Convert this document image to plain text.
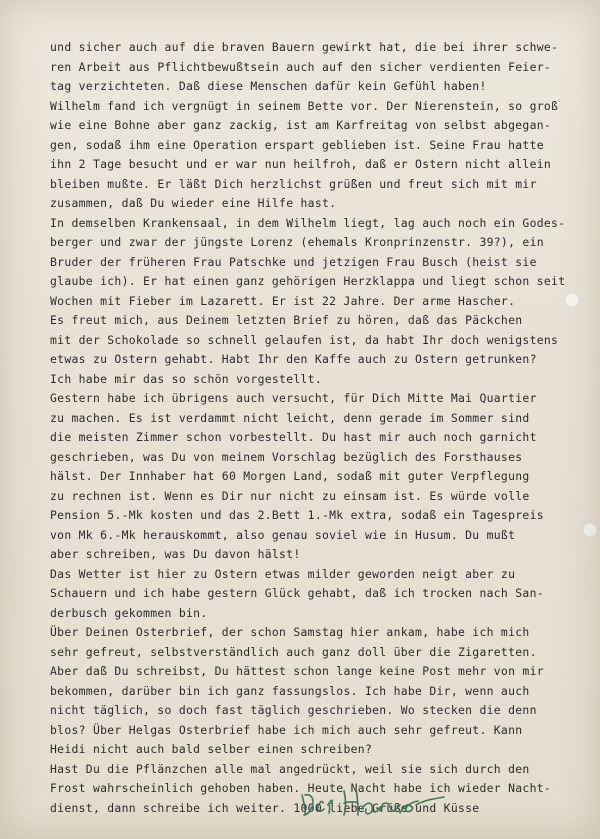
und sicher auch auf die braven Bauern gewirkt hat, die bei ihrer schwe-
ren Arbeit aus Pflichtbewußtsein auch auf den sicher verdienten Feier-
tag verzichteten. Daß diese Menschen dafür kein Gefühl haben!
Wilhelm fand ich vergnügt in seinem Bette vor. Der Nierenstein, so groß
wie eine Bohne aber ganz zackig, ist am Karfreitag von selbst abgegan-
gen, sodaß ihm eine Operation erspart geblieben ist. Seine Frau hatte
ihn 2 Tage besucht und er war nun heilfroh, daß er Ostern nicht allein
bleiben mußte. Er läßt Dich herzlichst grüßen und freut sich mit mir
zusammen, daß Du wieder eine Hilfe hast.
In demselben Krankensaal, in dem Wilhelm liegt, lag auch noch ein Godes-
berger und zwar der jüngste Lorenz (ehemals Kronprinzenstr. 39?), ein
Bruder der früheren Frau Patschke und jetzigen Frau Busch (heist sie
glaube ich). Er hat einen ganz gehörigen Herzklappa und liegt schon seit
Wochen mit Fieber im Lazarett. Er ist 22 Jahre. Der arme Hascher.
Es freut mich, aus Deinem letzten Brief zu hören, daß das Päckchen
mit der Schokolade so schnell gelaufen ist, da habt Ihr doch wenigstens
etwas zu Ostern gehabt. Habt Ihr den Kaffe auch zu Ostern getrunken?
Ich habe mir das so schön vorgestellt.
Gestern habe ich übrigens auch versucht, für Dich Mitte Mai Quartier
zu machen. Es ist verdammt nicht leicht, denn gerade im Sommer sind
die meisten Zimmer schon vorbestellt. Du hast mir auch noch garnicht
geschrieben, was Du von meinem Vorschlag bezüglich des Forsthauses
hälst. Der Innhaber hat 60 Morgen Land, sodaß mit guter Verpflegung
zu rechnen ist. Wenn es Dir nur nicht zu einsam ist. Es würde volle
Pension 5.-Mk kosten und das 2.Bett 1.-Mk extra, sodaß ein Tagespreis
von Mk 6.-Mk herauskommt, also genau soviel wie in Husum. Du mußt
aber schreiben, was Du davon hälst!
Das Wetter ist hier zu Ostern etwas milder geworden neigt aber zu
Schauern und ich habe gestern Glück gehabt, daß ich trocken nach San-
derbusch gekommen bin.
Über Deinen Osterbrief, der schon Samstag hier ankam, habe ich mich
sehr gefreut, selbstverständlich auch ganz doll über die Zigaretten.
Aber daß Du schreibst, Du hättest schon lange keine Post mehr von mir
bekommen, darüber bin ich ganz fassungslos. Ich habe Dir, wenn auch
nicht täglich, so doch fast täglich geschrieben. Wo stecken die denn
blos? Über Helgas Osterbrief habe ich mich auch sehr gefreut. Kann
Heidi nicht auch bald selber einen schreiben?
Hast Du die Pflänzchen alle mal angedrückt, weil sie sich durch den
Frost wahrscheinlich gehoben haben. Heute Nacht habe ich wieder Nacht-
dienst, dann schreibe ich weiter. 1000 liebe Grüße und Küsse
